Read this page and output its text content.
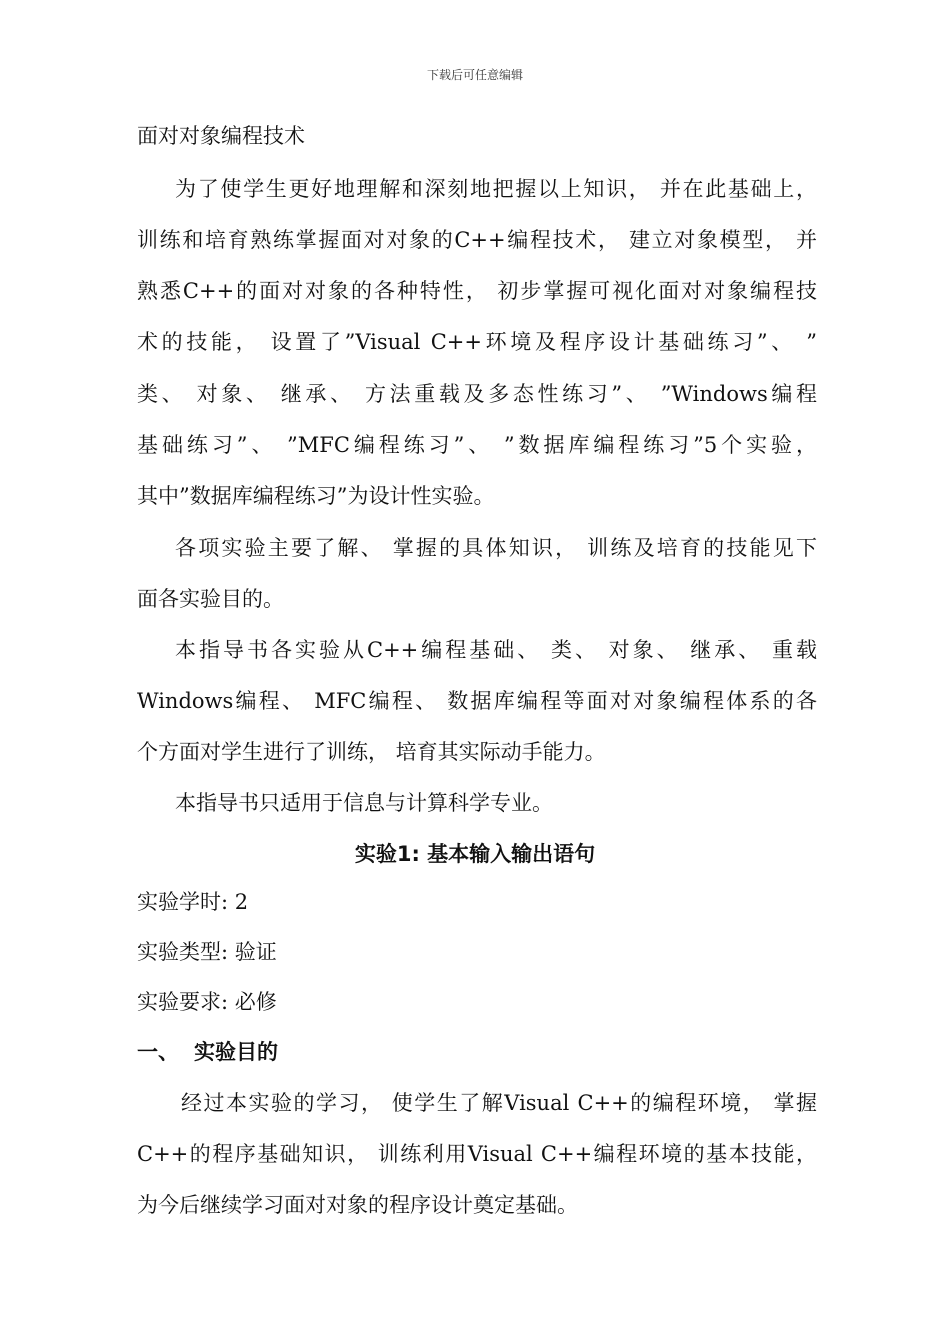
下载后可任意编辑
面对对象编程技术
为了使学生更好地理解和深刻地把握以上知识， 并在此基础上，
训练和培育熟练掌握面对对象的C++编程技术， 建立对象模型， 并
熟悉C++的面对对象的各种特性， 初步掌握可视化面对对象编程技
术的技能， 设置了”Visual C++环境及程序设计基础练习”、 ”
类、 对象、 继承、 方法重载及多态性练习”、 ”Windows编程
基础练习”、 ”MFC编程练习”、 ”数据库编程练习”5个实验，
其中”数据库编程练习”为设计性实验。
各项实验主要了解、 掌握的具体知识， 训练及培育的技能见下
面各实验目的。
本指导书各实验从C++编程基础、 类、 对象、 继承、 重载
Windows编程、 MFC编程、 数据库编程等面对对象编程体系的各
个方面对学生进行了训练， 培育其实际动手能力。
本指导书只适用于信息与计算科学专业。
实验1: 基本输入输出语句
实验学时: 2
实验类型: 验证
实验要求: 必修
一、 实验目的
经过本实验的学习， 使学生了解Visual C++的编程环境， 掌握
C++的程序基础知识， 训练利用Visual C++编程环境的基本技能，
为今后继续学习面对对象的程序设计奠定基础。
